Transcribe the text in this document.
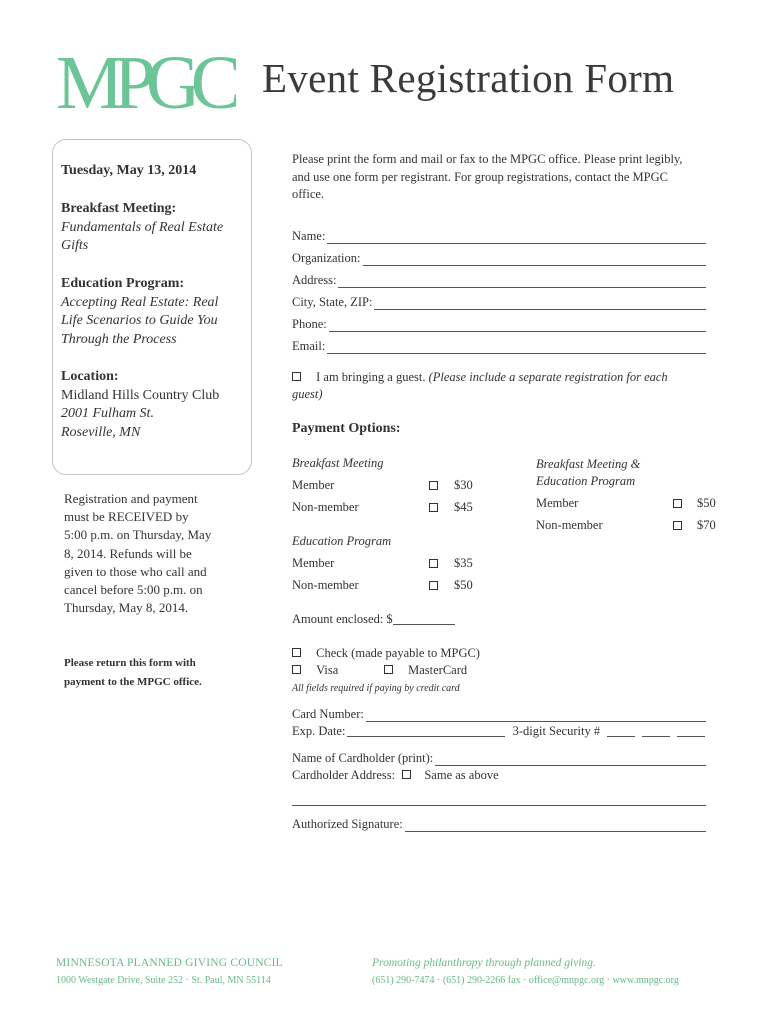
MPGC Event Registration Form
Tuesday, May 13, 2014
Breakfast Meeting:
Fundamentals of Real Estate
Gifts
Education Program:
Accepting Real Estate: Real
Life Scenarios to Guide You
Through the Process
Location:
Midland Hills Country Club
2001 Fulham St.
Roseville, MN
Registration and payment
must be RECEIVED by
5:00 p.m. on Thursday, May
8, 2014. Refunds will be
given to those who call and
cancel before 5:00 p.m. on
Thursday, May 8, 2014.
Please return this form with
payment to the MPGC office.
Please print the form and mail or fax to the MPGC office. Please print legibly,
and use one form per registrant. For group registrations, contact the MPGC
office.
Name:
Organization:
Address:
City, State, ZIP:
Phone:
Email:
I am bringing a guest. (Please include a separate registration for each
guest)
Payment Options:
Breakfast Meeting
Member	$30
Non-member	$45
Education Program
Member	$35
Non-member	$50
Breakfast Meeting &
Education Program
Member	$50
Non-member	$70
Amount enclosed: $
Check (made payable to MPGC)
Visa	MasterCard
All fields required if paying by credit card
Card Number:
Exp. Date:	3-digit Security #
Name of Cardholder (print):
Cardholder Address: Same as above
Authorized Signature:
MINNESOTA PLANNED GIVING COUNCIL
1000 Westgate Drive, Suite 252 · St. Paul, MN 55114
Promoting philanthropy through planned giving.
(651) 290-7474 · (651) 290-2266 fax · office@mnpgc.org · www.mnpgc.org
